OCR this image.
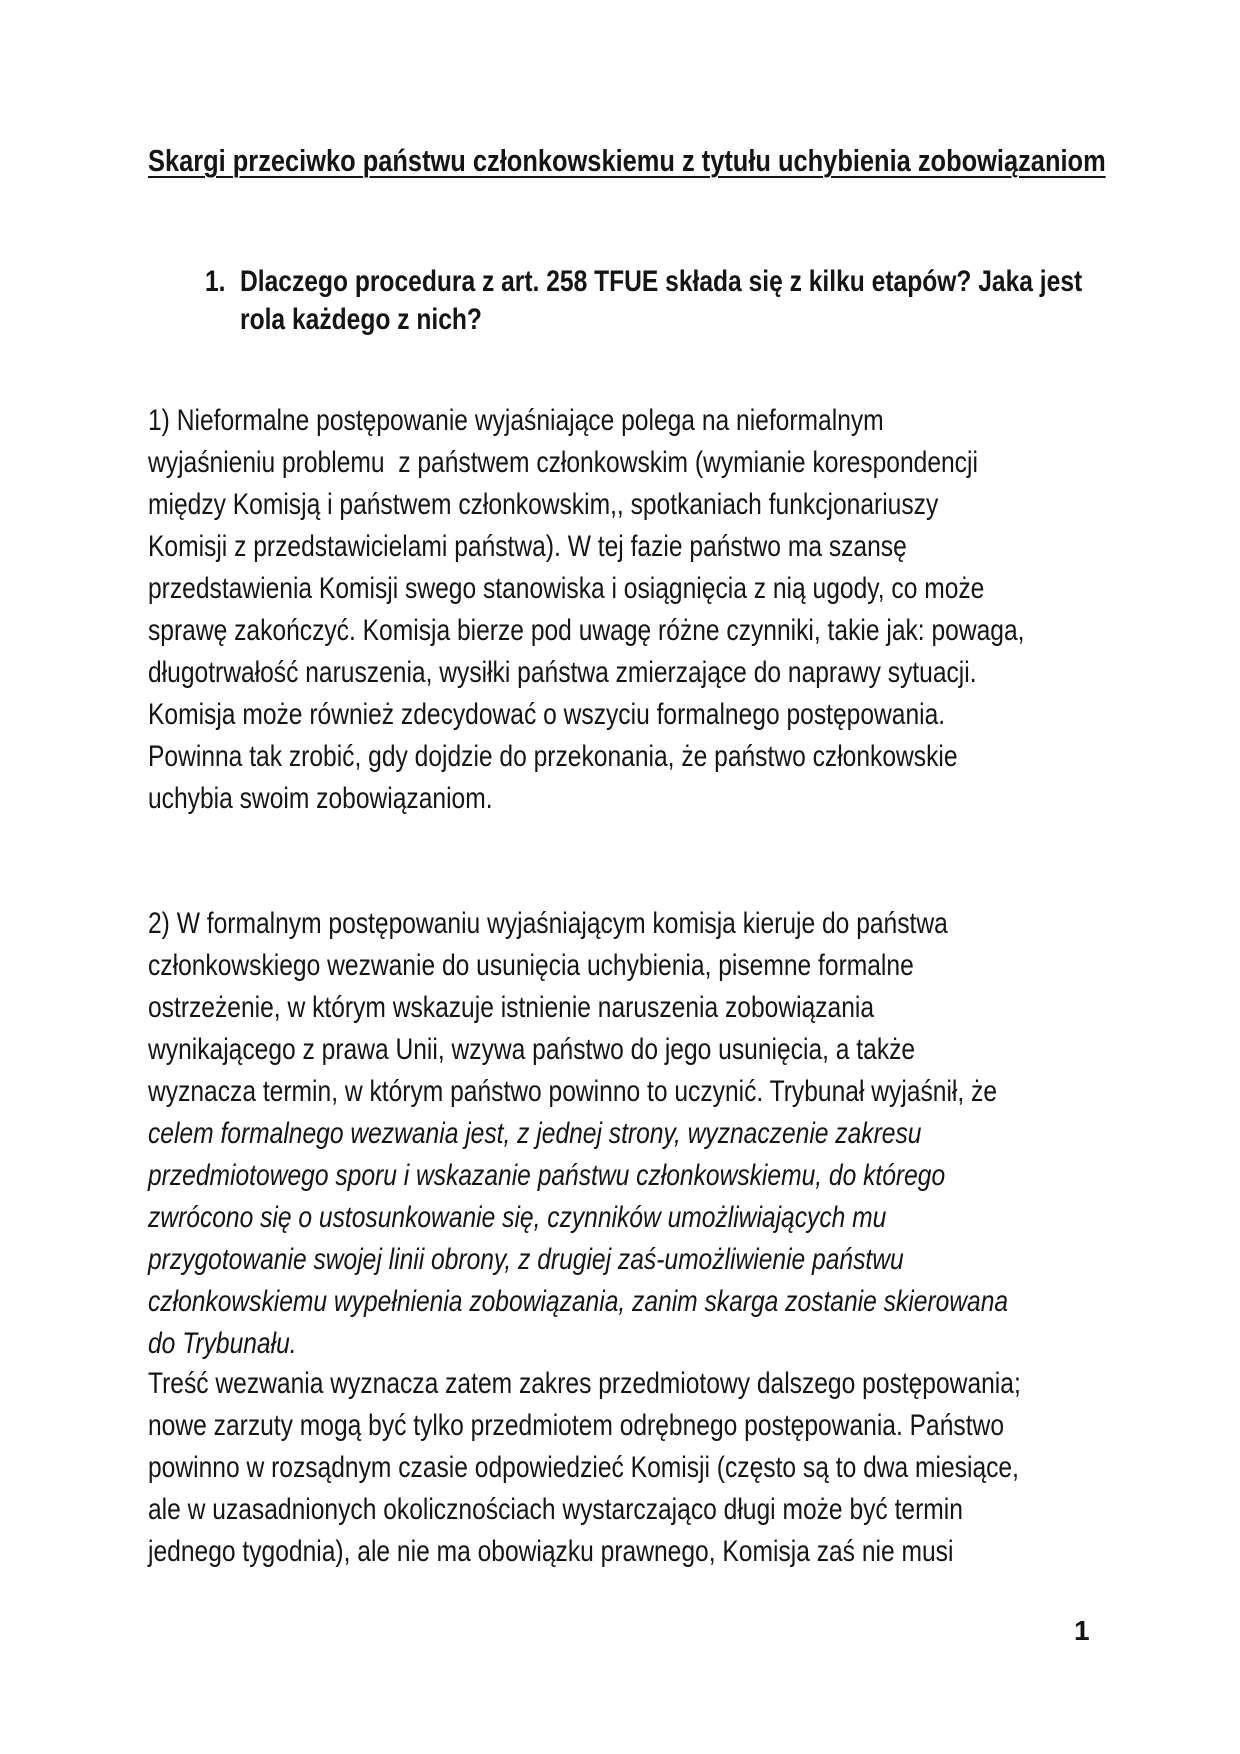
Skargi przeciwko państwu członkowskiemu z tytułu uchybienia zobowiązaniom
1. Dlaczego procedura z art. 258 TFUE składa się z kilku etapów? Jaka jest
rola każdego z nich?
1) Nieformalne postępowanie wyjaśniające polega na nieformalnym
wyjaśnieniu problemu  z państwem członkowskim (wymianie korespondencji
między Komisją i państwem członkowskim,, spotkaniach funkcjonariuszy
Komisji z przedstawicielami państwa). W tej fazie państwo ma szansę
przedstawienia Komisji swego stanowiska i osiągnięcia z nią ugody, co może
sprawę zakończyć. Komisja bierze pod uwagę różne czynniki, takie jak: powaga,
długotrwałość naruszenia, wysiłki państwa zmierzające do naprawy sytuacji.
Komisja może również zdecydować o wszyciu formalnego postępowania.
Powinna tak zrobić, gdy dojdzie do przekonania, że państwo członkowskie
uchybia swoim zobowiązaniom.
2) W formalnym postępowaniu wyjaśniającym komisja kieruje do państwa
członkowskiego wezwanie do usunięcia uchybienia, pisemne formalne
ostrzeżenie, w którym wskazuje istnienie naruszenia zobowiązania
wynikającego z prawa Unii, wzywa państwo do jego usunięcia, a także
wyznacza termin, w którym państwo powinno to uczynić. Trybunał wyjaśnił, że
celem formalnego wezwania jest, z jednej strony, wyznaczenie zakresu
przedmiotowego sporu i wskazanie państwu członkowskiemu, do którego
zwrócono się o ustosunkowanie się, czynników umożliwiających mu
przygotowanie swojej linii obrony, z drugiej zaś-umożliwienie państwu
członkowskiemu wypełnienia zobowiązania, zanim skarga zostanie skierowana
do Trybunału.
Treść wezwania wyznacza zatem zakres przedmiotowy dalszego postępowania;
nowe zarzuty mogą być tylko przedmiotem odrębnego postępowania. Państwo
powinno w rozsądnym czasie odpowiedzieć Komisji (często są to dwa miesiące,
ale w uzasadnionych okolicznościach wystarczająco długi może być termin
jednego tygodnia), ale nie ma obowiązku prawnego, Komisja zaś nie musi
1
